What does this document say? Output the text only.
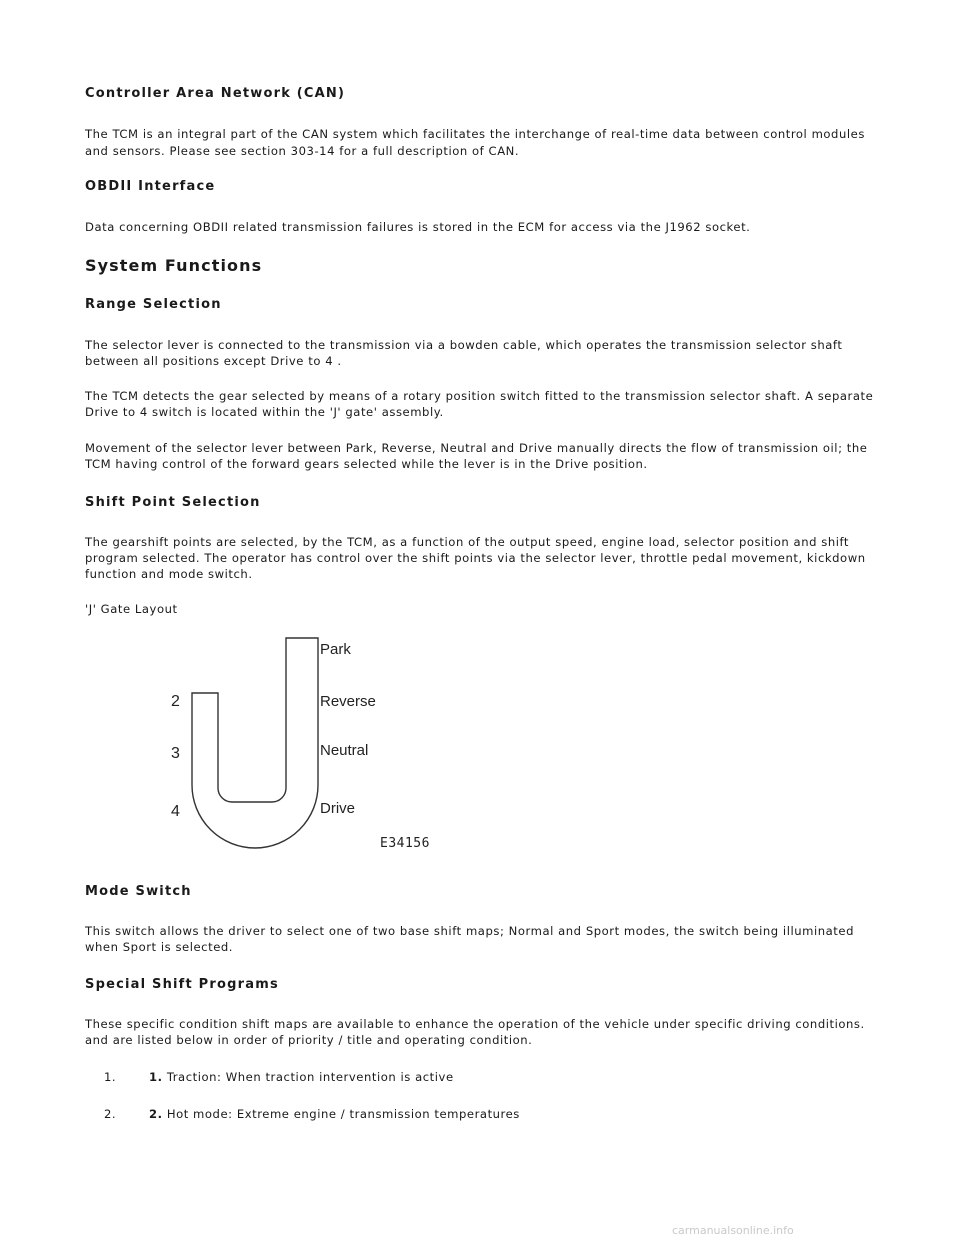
Controller Area Network (CAN)
The TCM is an integral part of the CAN system which facilitates the interchange of real-time data between control modules
and sensors. Please see section 303-14 for a full description of CAN.
OBDII Interface
Data concerning OBDII related transmission failures is stored in the ECM for access via the J1962 socket.
System Functions
Range Selection
The selector lever is connected to the transmission via a bowden cable, which operates the transmission selector shaft
between all positions except Drive to 4 .
The TCM detects the gear selected by means of a rotary position switch fitted to the transmission selector shaft. A separate
Drive to 4 switch is located within the 'J' gate' assembly.
Movement of the selector lever between Park, Reverse, Neutral and Drive manually directs the flow of transmission oil; the
TCM having control of the forward gears selected while the lever is in the Drive position.
Shift Point Selection
The gearshift points are selected, by the TCM, as a function of the output speed, engine load, selector position and shift
program selected. The operator has control over the shift points via the selector lever, throttle pedal movement, kickdown
function and mode switch.
'J' Gate Layout
Mode Switch
This switch allows the driver to select one of two base shift maps; Normal and Sport modes, the switch being illuminated
when Sport is selected.
Special Shift Programs
These specific condition shift maps are available to enhance the operation of the vehicle under specific driving conditions.
and are listed below in order of priority / title and operating condition.
1.	1. Traction: When traction intervention is active
2.	2. Hot mode: Extreme engine / transmission temperatures
Park
Reverse
Neutral
Drive
2
3
4
E34156
carmanualsonline.info
